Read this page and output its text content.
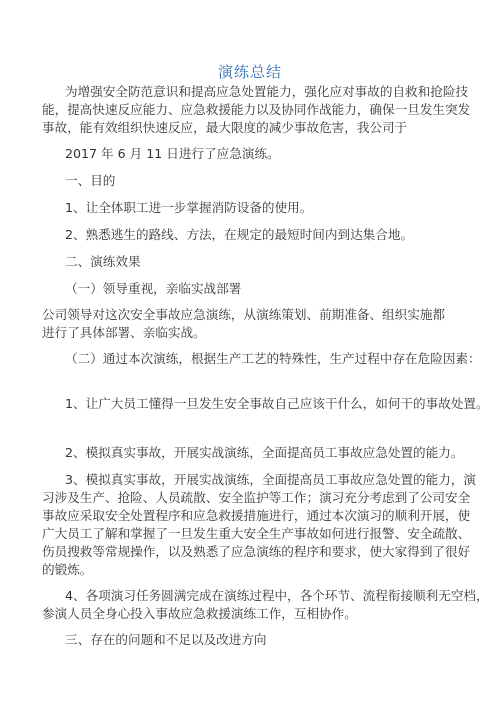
演练总结
为增强安全防范意识和提高应急处置能力，强化应对事故的自救和抢险技
能，提高快速反应能力、应急救援能力以及协同作战能力，确保一旦发生突发
事故，能有效组织快速反应，最大限度的减少事故危害，我公司于
2017 年 6 月 11 日进行了应急演练。
一、目的
1、让全体职工进一步掌握消防设备的使用。
2、熟悉逃生的路线、方法，在规定的最短时间内到达集合地。
二、演练效果
（一）领导重视，亲临实战部署
公司领导对这次安全事故应急演练，从演练策划、前期准备、组织实施都
进行了具体部署、亲临实战。
（二）通过本次演练，根据生产工艺的特殊性，生产过程中存在危险因素：
1、让广大员工懂得一旦发生安全事故自己应该干什么，如何干的事故处置。
2、模拟真实事故，开展实战演练，全面提高员工事故应急处置的能力。
3、模拟真实事故，开展实战演练，全面提高员工事故应急处置的能力，演
习涉及生产、抢险、人员疏散、安全监护等工作；演习充分考虑到了公司安全
事故应采取安全处置程序和应急救援措施进行，通过本次演习的顺利开展，使
广大员工了解和掌握了一旦发生重大安全生产事故如何进行报警、安全疏散、
伤员搜救等常规操作，以及熟悉了应急演练的程序和要求，使大家得到了很好
的锻炼。
4、各项演习任务圆满完成在演练过程中，各个环节、流程衔接顺利无空档，
参演人员全身心投入事故应急救援演练工作，互相协作。
三、存在的问题和不足以及改进方向
